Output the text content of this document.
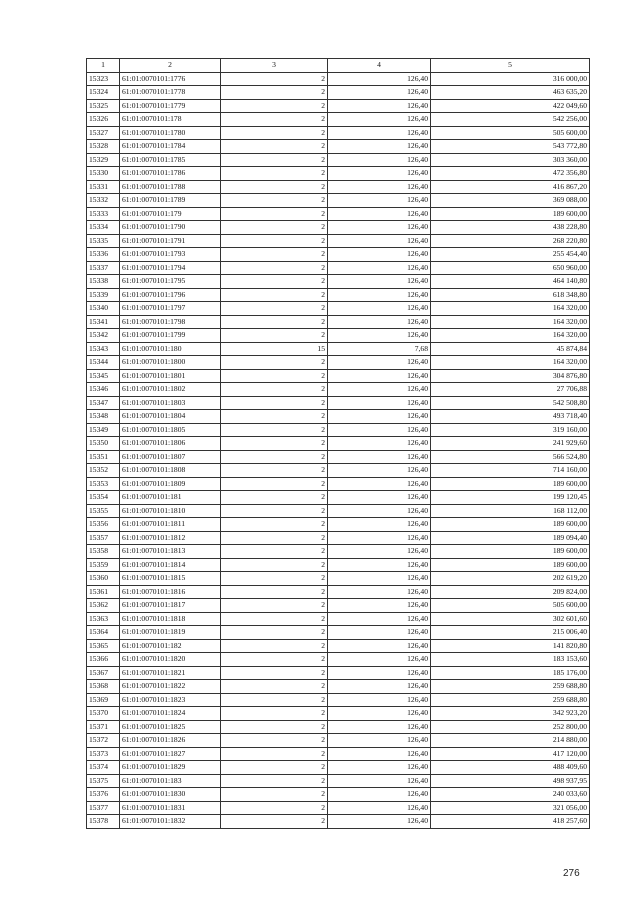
1	2	3	4	5
15323	61:01:0070101:1776	2	126,40	316 000,00
15324	61:01:0070101:1778	2	126,40	463 635,20
15325	61:01:0070101:1779	2	126,40	422 049,60
15326	61:01:0070101:178	2	126,40	542 256,00
15327	61:01:0070101:1780	2	126,40	505 600,00
15328	61:01:0070101:1784	2	126,40	543 772,80
15329	61:01:0070101:1785	2	126,40	303 360,00
15330	61:01:0070101:1786	2	126,40	472 356,80
15331	61:01:0070101:1788	2	126,40	416 867,20
15332	61:01:0070101:1789	2	126,40	369 088,00
15333	61:01:0070101:179	2	126,40	189 600,00
15334	61:01:0070101:1790	2	126,40	438 228,80
15335	61:01:0070101:1791	2	126,40	268 220,80
15336	61:01:0070101:1793	2	126,40	255 454,40
15337	61:01:0070101:1794	2	126,40	650 960,00
15338	61:01:0070101:1795	2	126,40	464 140,80
15339	61:01:0070101:1796	2	126,40	618 348,80
15340	61:01:0070101:1797	2	126,40	164 320,00
15341	61:01:0070101:1798	2	126,40	164 320,00
15342	61:01:0070101:1799	2	126,40	164 320,00
15343	61:01:0070101:180	15	7,68	45 874,84
15344	61:01:0070101:1800	2	126,40	164 320,00
15345	61:01:0070101:1801	2	126,40	304 876,80
15346	61:01:0070101:1802	2	126,40	27 706,88
15347	61:01:0070101:1803	2	126,40	542 508,80
15348	61:01:0070101:1804	2	126,40	493 718,40
15349	61:01:0070101:1805	2	126,40	319 160,00
15350	61:01:0070101:1806	2	126,40	241 929,60
15351	61:01:0070101:1807	2	126,40	566 524,80
15352	61:01:0070101:1808	2	126,40	714 160,00
15353	61:01:0070101:1809	2	126,40	189 600,00
15354	61:01:0070101:181	2	126,40	199 120,45
15355	61:01:0070101:1810	2	126,40	168 112,00
15356	61:01:0070101:1811	2	126,40	189 600,00
15357	61:01:0070101:1812	2	126,40	189 094,40
15358	61:01:0070101:1813	2	126,40	189 600,00
15359	61:01:0070101:1814	2	126,40	189 600,00
15360	61:01:0070101:1815	2	126,40	202 619,20
15361	61:01:0070101:1816	2	126,40	209 824,00
15362	61:01:0070101:1817	2	126,40	505 600,00
15363	61:01:0070101:1818	2	126,40	302 601,60
15364	61:01:0070101:1819	2	126,40	215 006,40
15365	61:01:0070101:182	2	126,40	141 820,80
15366	61:01:0070101:1820	2	126,40	183 153,60
15367	61:01:0070101:1821	2	126,40	185 176,00
15368	61:01:0070101:1822	2	126,40	259 688,80
15369	61:01:0070101:1823	2	126,40	259 688,80
15370	61:01:0070101:1824	2	126,40	342 923,20
15371	61:01:0070101:1825	2	126,40	252 800,00
15372	61:01:0070101:1826	2	126,40	214 880,00
15373	61:01:0070101:1827	2	126,40	417 120,00
15374	61:01:0070101:1829	2	126,40	488 409,60
15375	61:01:0070101:183	2	126,40	498 937,95
15376	61:01:0070101:1830	2	126,40	240 033,60
15377	61:01:0070101:1831	2	126,40	321 056,00
15378	61:01:0070101:1832	2	126,40	418 257,60
276
